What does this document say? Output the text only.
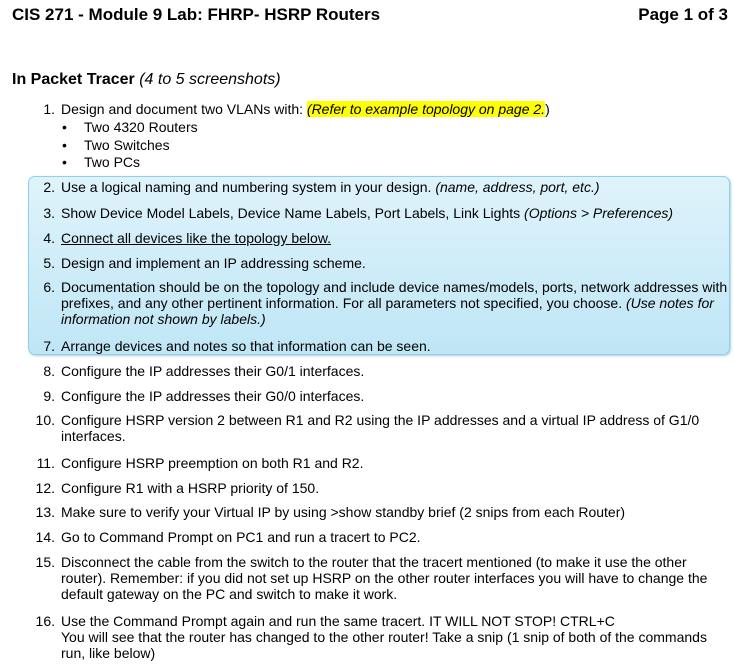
CIS 271 - Module 9 Lab: FHRP- HSRP Routers	Page 1 of 3
In Packet Tracer (4 to 5 screenshots)
1. Design and document two VLANs with: (Refer to example topology on page 2.)
• Two 4320 Routers
• Two Switches
• Two PCs
2. Use a logical naming and numbering system in your design. (name, address, port, etc.)
3. Show Device Model Labels, Device Name Labels, Port Labels, Link Lights (Options > Preferences)
4. Connect all devices like the topology below.
5. Design and implement an IP addressing scheme.
6. Documentation should be on the topology and include device names/models, ports, network addresses with prefixes, and any other pertinent information. For all parameters not specified, you choose. (Use notes for information not shown by labels.)
7. Arrange devices and notes so that information can be seen.
8. Configure the IP addresses their G0/1 interfaces.
9. Configure the IP addresses their G0/0 interfaces.
10. Configure HSRP version 2 between R1 and R2 using the IP addresses and a virtual IP address of G1/0 interfaces.
11. Configure HSRP preemption on both R1 and R2.
12. Configure R1 with a HSRP priority of 150.
13. Make sure to verify your Virtual IP by using >show standby brief (2 snips from each Router)
14. Go to Command Prompt on PC1 and run a tracert to PC2.
15. Disconnect the cable from the switch to the router that the tracert mentioned (to make it use the other router). Remember: if you did not set up HSRP on the other router interfaces you will have to change the default gateway on the PC and switch to make it work.
16. Use the Command Prompt again and run the same tracert. IT WILL NOT STOP! CTRL+C
You will see that the router has changed to the other router! Take a snip (1 snip of both of the commands run, like below)
